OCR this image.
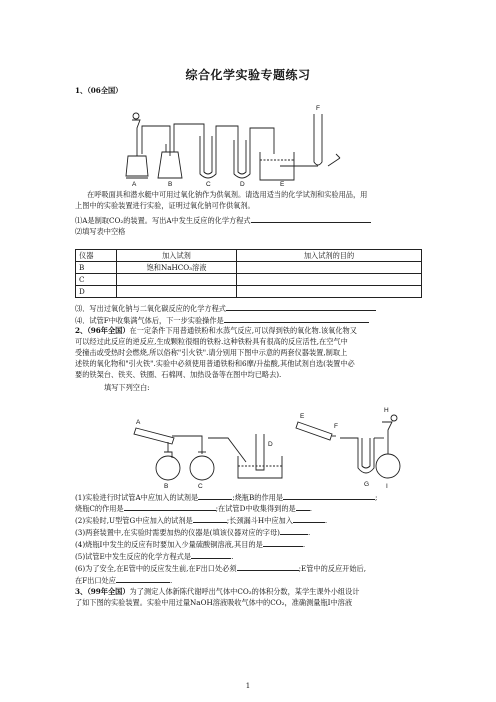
综合化学实验专题练习
1、（06全国）
A	B	C	D	E
F
在呼吸面具和潜水艇中可用过氧化钠作为供氧剂。请选用适当的化学试剂和实验用品，用
上图中的实验装置进行实验，证明过氧化钠可作供氧剂。
⑴A是制取CO₂的装置。写出A中发生反应的化学方程式
⑵填写表中空格
仪器	加入试剂	加入试剂的目的
B	饱和NaHCO₃溶液	
C		
D		
⑶．写出过氧化钠与二氧化碳反应的化学方程式
⑷．试管F中收集满气体后，下一步实验操作是
2、（96年全国）在一定条件下用普通铁粉和水蒸气反应,可以得到铁的氧化物.该氧化物又
可以经过此反应的逆反应,生成颗粒很细的铁粉.这种铁粉具有很高的反应活性,在空气中
受撞击或受热时会燃烧,所以俗称"引火铁".请分别用下图中示意的两套仪器装置,制取上
述铁的氧化物和"引火铁".实验中必须使用普通铁粉和6摩/升盐酸,其他试剂自选(装置中必
要的铁架台、铁夹、铁圈、石棉网、加热设备等在图中均已略去).
填写下列空白:
A
B	C
D
E
F
G
H
I
(1)实验进行时试管A中应加入的试剂是	;烧瓶B的作用是	;
烧瓶C的作用是	;在试管D中收集得到的是 .
(2)实验时,U型管G中应加入的试剂是	;长颈漏斗H中应加入	.
(3)两套装置中,在实验时需要加热的仪器是(填该仪器对应的字母)	.
(4)烧瓶I中发生的反应有时要加入少量硫酸铜溶液,其目的是	.
(5)试管E中发生反应的化学方程式是	.
(6)为了安全,在E管中的反应发生前,在F出口处必须	;E管中的反应开始后,
在F出口处应	.
3、（99年全国）为了测定人体新陈代谢呼出气体中CO₂的体积分数，某学生课外小组设计
了如下图的实验装置。实验中用过量NaOH溶液吸收气体中的CO₂，准确测量瓶I中溶液
1
